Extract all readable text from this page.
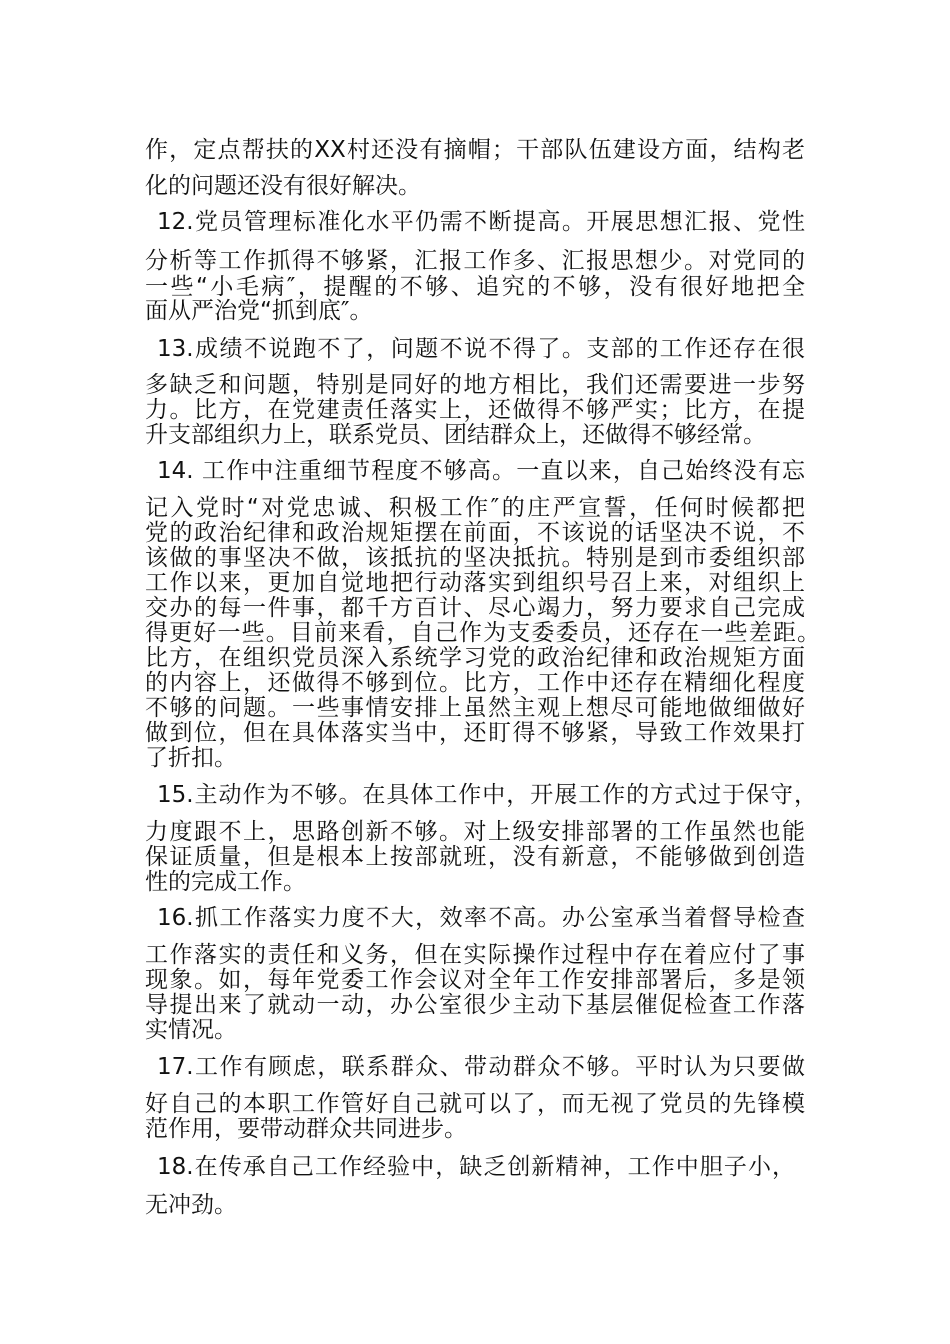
作，定点帮扶的XX村还没有摘帽；干部队伍建设方面，结构老
化的问题还没有很好解决。
12.党员管理标准化水平仍需不断提高。开展思想汇报、党性
分析等工作抓得不够紧，汇报工作多、汇报思想少。对党同的
一些“小毛病″，提醒的不够、追究的不够，没有很好地把全
面从严治党“抓到底″。
13.成绩不说跑不了，问题不说不得了。支部的工作还存在很
多缺乏和问题，特别是同好的地方相比，我们还需要进一步努
力。比方，在党建责任落实上，还做得不够严实；比方，在提
升支部组织力上，联系党员、团结群众上，还做得不够经常。
14. 工作中注重细节程度不够高。一直以来，自己始终没有忘
记入党时“对党忠诚、积极工作″的庄严宣誓，任何时候都把
党的政治纪律和政治规矩摆在前面，不该说的话坚决不说，不
该做的事坚决不做，该抵抗的坚决抵抗。特别是到市委组织部
工作以来，更加自觉地把行动落实到组织号召上来，对组织上
交办的每一件事，都千方百计、尽心竭力，努力要求自己完成
得更好一些。目前来看，自己作为支委委员，还存在一些差距。
比方，在组织党员深入系统学习党的政治纪律和政治规矩方面
的内容上，还做得不够到位。比方，工作中还存在精细化程度
不够的问题。一些事情安排上虽然主观上想尽可能地做细做好
做到位，但在具体落实当中，还盯得不够紧，导致工作效果打
了折扣。
15.主动作为不够。在具体工作中，开展工作的方式过于保守，
力度跟不上，思路创新不够。对上级安排部署的工作虽然也能
保证质量，但是根本上按部就班，没有新意，不能够做到创造
性的完成工作。
16.抓工作落实力度不大，效率不高。办公室承当着督导检查
工作落实的责任和义务，但在实际操作过程中存在着应付了事
现象。如，每年党委工作会议对全年工作安排部署后，多是领
导提出来了就动一动，办公室很少主动下基层催促检查工作落
实情况。
17.工作有顾虑，联系群众、带动群众不够。平时认为只要做
好自己的本职工作管好自己就可以了，而无视了党员的先锋模
范作用，要带动群众共同进步。
18.在传承自己工作经验中，缺乏创新精神，工作中胆子小，
无冲劲。
